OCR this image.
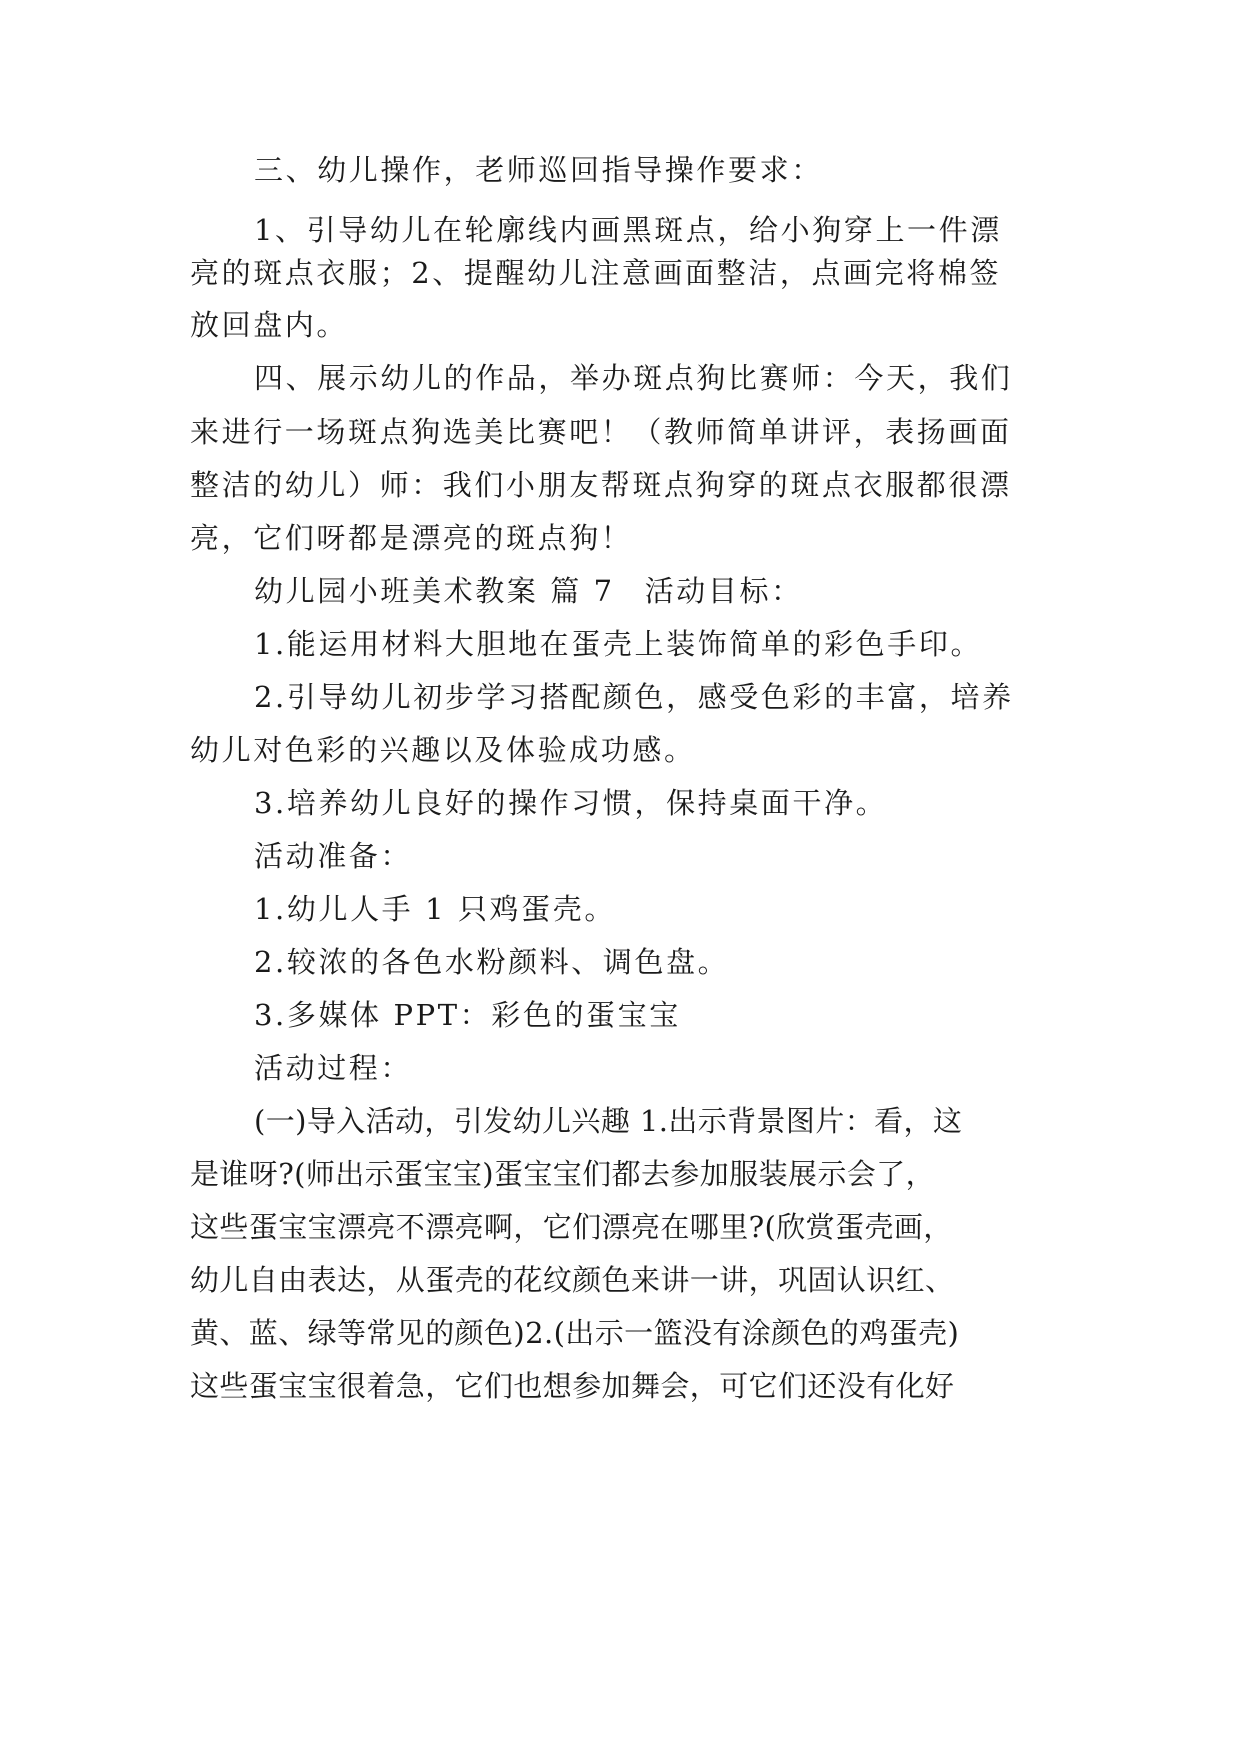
三、幼儿操作，老师巡回指导操作要求：
1、引导幼儿在轮廓线内画黑斑点，给小狗穿上一件漂
亮的斑点衣服；2、提醒幼儿注意画面整洁，点画完将棉签
放回盘内。
四、展示幼儿的作品，举办斑点狗比赛师：今天，我们
来进行一场斑点狗选美比赛吧！（教师简单讲评，表扬画面
整洁的幼儿）师：我们小朋友帮斑点狗穿的斑点衣服都很漂
亮，它们呀都是漂亮的斑点狗！
幼儿园小班美术教案 篇 7 活动目标：
1.能运用材料大胆地在蛋壳上装饰简单的彩色手印。
2.引导幼儿初步学习搭配颜色，感受色彩的丰富，培养
幼儿对色彩的兴趣以及体验成功感。
3.培养幼儿良好的操作习惯，保持桌面干净。
活动准备：
1.幼儿人手 1 只鸡蛋壳。
2.较浓的各色水粉颜料、调色盘。
3.多媒体 PPT：彩色的蛋宝宝
活动过程：
(一)导入活动，引发幼儿兴趣 1.出示背景图片：看，这
是谁呀?(师出示蛋宝宝)蛋宝宝们都去参加服装展示会了，
这些蛋宝宝漂亮不漂亮啊，它们漂亮在哪里?(欣赏蛋壳画，
幼儿自由表达，从蛋壳的花纹颜色来讲一讲，巩固认识红、
黄、蓝、绿等常见的颜色)2.(出示一篮没有涂颜色的鸡蛋壳)
这些蛋宝宝很着急，它们也想参加舞会，可它们还没有化好
